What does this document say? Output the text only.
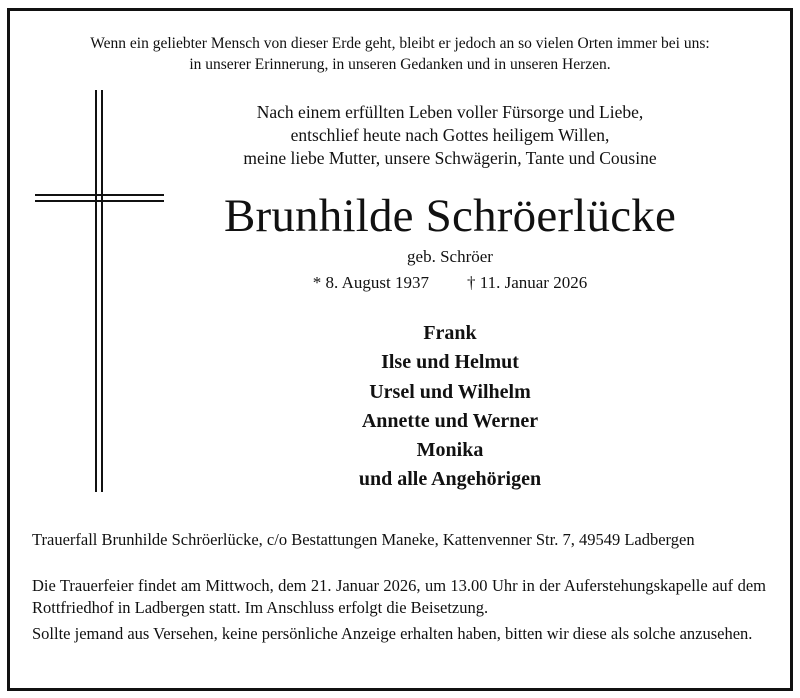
Wenn ein geliebter Mensch von dieser Erde geht, bleibt er jedoch an so vielen Orten immer bei uns:
in unserer Erinnerung, in unseren Gedanken und in unseren Herzen.
Nach einem erfüllten Leben voller Fürsorge und Liebe,
entschlief heute nach Gottes heiligem Willen,
meine liebe Mutter, unsere Schwägerin, Tante und Cousine
Brunhilde Schröerlücke
geb. Schröer
* 8. August 1937 † 11. Januar 2026
Frank
Ilse und Helmut
Ursel und Wilhelm
Annette und Werner
Monika
und alle Angehörigen
Trauerfall Brunhilde Schröerlücke, c/o Bestattungen Maneke, Kattenvenner Str. 7, 49549 Ladbergen
Die Trauerfeier findet am Mittwoch, dem 21. Januar 2026, um 13.00 Uhr in der Auferstehungskapelle auf dem Rottfriedhof in Ladbergen statt. Im Anschluss erfolgt die Beisetzung.
Sollte jemand aus Versehen, keine persönliche Anzeige erhalten haben, bitten wir diese als solche anzusehen.
